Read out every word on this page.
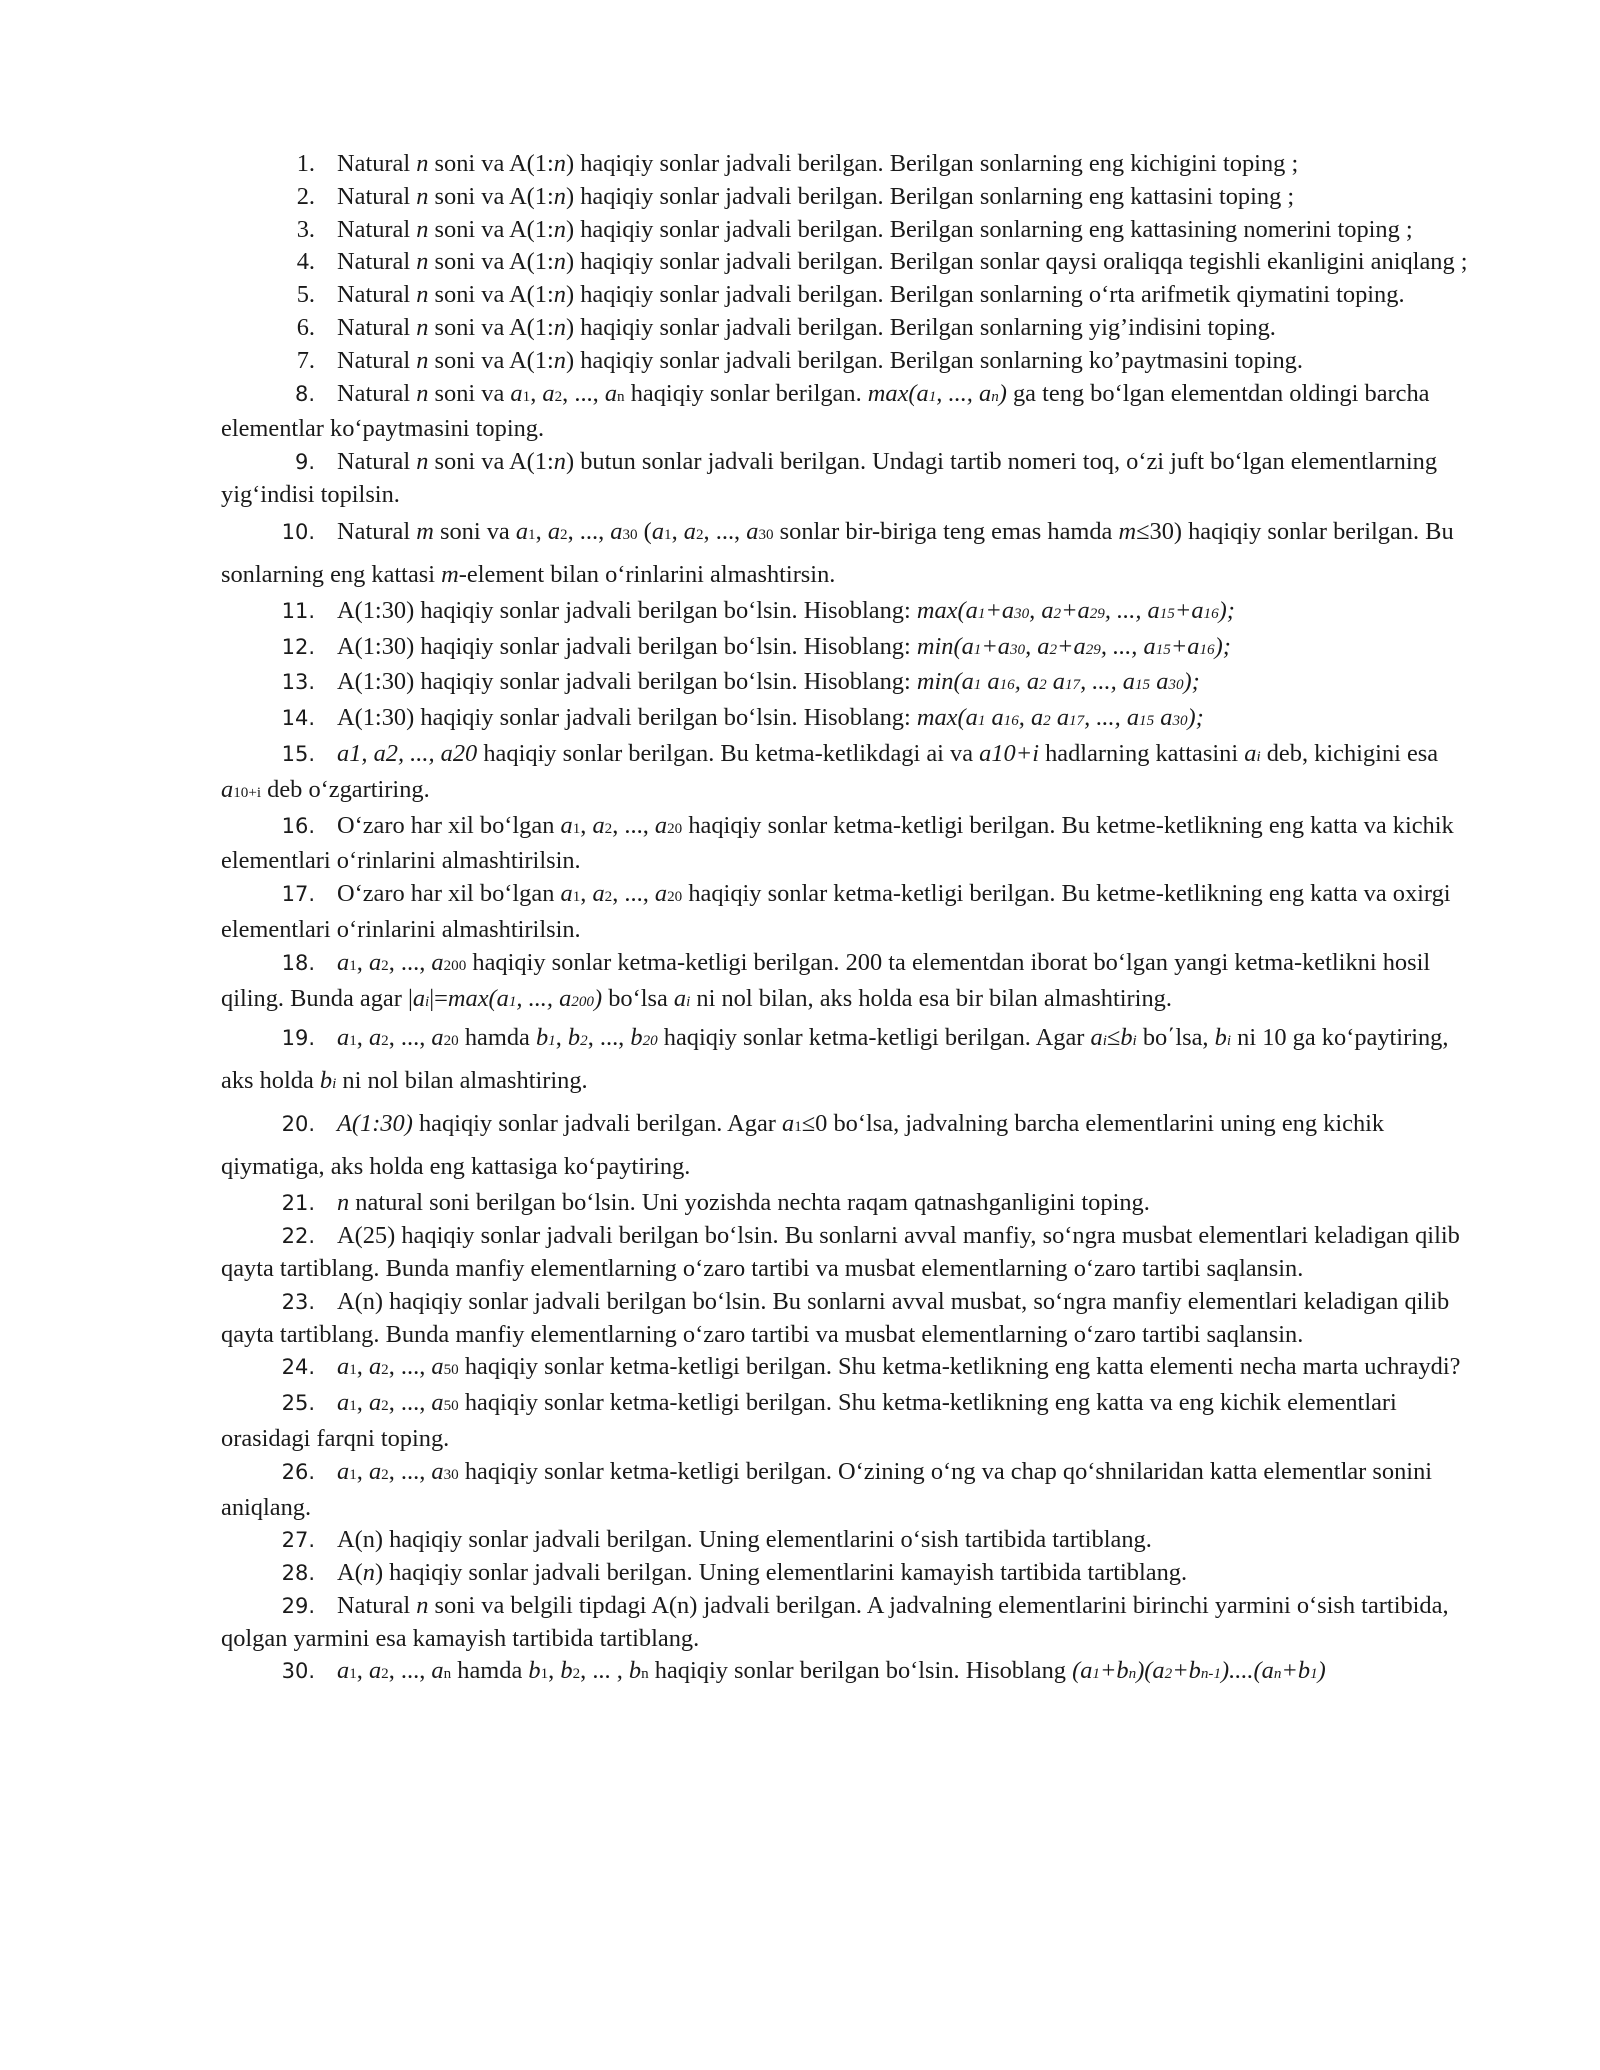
1. Natural n soni va A(1:n) haqiqiy sonlar jadvali berilgan. Berilgan sonlarning eng kichigini toping ;

2. Natural n soni va A(1:n) haqiqiy sonlar jadvali berilgan. Berilgan sonlarning eng kattasini toping ;

3. Natural n soni va A(1:n) haqiqiy sonlar jadvali berilgan. Berilgan sonlarning eng kattasining nomerini toping ;

4. Natural n soni va A(1:n) haqiqiy sonlar jadvali berilgan. Berilgan sonlar qaysi oraliqqa tegishli ekanligini aniqlang ;

5. Natural n soni va A(1:n) haqiqiy sonlar jadvali berilgan. Berilgan sonlarning o‘rta arifmetik qiymatini toping.

6. Natural n soni va A(1:n) haqiqiy sonlar jadvali berilgan. Berilgan sonlarning yig’indisini toping.

7. Natural n soni va A(1:n) haqiqiy sonlar jadvali berilgan. Berilgan sonlarning ko’paytmasini toping.

8. Natural n soni va a1, a2, ..., an haqiqiy sonlar berilgan. max(a1, ..., an) ga teng bo‘lgan elementdan oldingi barcha elementlar ko‘paytmasini toping.

9. Natural n soni va A(1:n) butun sonlar jadvali berilgan. Undagi tartib nomeri toq, o‘zi juft bo‘lgan elementlarning yig‘indisi topilsin.

10. Natural m soni va a1, a2, ..., a30 (a1, a2, ..., a30 sonlar bir-biriga teng emas hamda m≤30) haqiqiy sonlar berilgan. Bu sonlarning eng kattasi m-element bilan o‘rinlarini almashtirsin.

11. A(1:30) haqiqiy sonlar jadvali berilgan bo‘lsin. Hisoblang: max(a1+a30, a2+a29, ..., a15+a16);

12. A(1:30) haqiqiy sonlar jadvali berilgan bo‘lsin. Hisoblang: min(a1+a30, a2+a29, ..., a15+a16);

13. A(1:30) haqiqiy sonlar jadvali berilgan bo‘lsin. Hisoblang: min(a1 a16, a2 a17, ..., a15 a30);

14. A(1:30) haqiqiy sonlar jadvali berilgan bo‘lsin. Hisoblang: max(a1 a16, a2 a17, ..., a15 a30);

15. a1, a2, ..., a20 haqiqiy sonlar berilgan. Bu ketma-ketlikdagi ai va a10+i hadlarning kattasini ai deb, kichigini esa a10+i deb o‘zgartiring.

16. O‘zaro har xil bo‘lgan a1, a2, ..., a20 haqiqiy sonlar ketma-ketligi berilgan. Bu ketme-ketlikning eng katta va kichik elementlari o‘rinlarini almashtirilsin.

17. O‘zaro har xil bo‘lgan a1, a2, ..., a20 haqiqiy sonlar ketma-ketligi berilgan. Bu ketme-ketlikning eng katta va oxirgi elementlari o‘rinlarini almashtirilsin.

18. a1, a2, ..., a200 haqiqiy sonlar ketma-ketligi berilgan. 200 ta elementdan iborat bo‘lgan yangi ketma-ketlikni hosil qiling. Bunda agar |ai|=max(a1, ..., a200) bo‘lsa ai ni nol bilan, aks holda esa bir bilan almashtiring.

19. a1, a2, ..., a20 hamda b1, b2, ..., b20 haqiqiy sonlar ketma-ketligi berilgan. Agar ai≤bi bo΄lsa, bi ni 10 ga ko‘paytiring, aks holda bi ni nol bilan almashtiring.

20. A(1:30) haqiqiy sonlar jadvali berilgan. Agar a1≤0 bo‘lsa, jadvalning barcha elementlarini uning eng kichik qiymatiga, aks holda eng kattasiga ko‘paytiring.

21. n natural soni berilgan bo‘lsin. Uni yozishda nechta raqam qatnashganligini toping.

22. A(25) haqiqiy sonlar jadvali berilgan bo‘lsin. Bu sonlarni avval manfiy, so‘ngra musbat elementlari keladigan qilib qayta tartiblang. Bunda manfiy elementlarning o‘zaro tartibi va musbat elementlarning o‘zaro tartibi saqlansin.

23. A(n) haqiqiy sonlar jadvali berilgan bo‘lsin. Bu sonlarni avval musbat, so‘ngra manfiy elementlari keladigan qilib qayta tartiblang. Bunda manfiy elementlarning o‘zaro tartibi va musbat elementlarning o‘zaro tartibi saqlansin.

24. a1, a2, ..., a50 haqiqiy sonlar ketma-ketligi berilgan. Shu ketma-ketlikning eng katta elementi necha marta uchraydi?

25. a1, a2, ..., a50 haqiqiy sonlar ketma-ketligi berilgan. Shu ketma-ketlikning eng katta va eng kichik elementlari orasidagi farqni toping.

26. a1, a2, ..., a30 haqiqiy sonlar ketma-ketligi berilgan. O‘zining o‘ng va chap qo‘shnilaridan katta elementlar sonini aniqlang.

27. A(n) haqiqiy sonlar jadvali berilgan. Uning elementlarini o‘sish tartibida tartiblang.

28. A(n) haqiqiy sonlar jadvali berilgan. Uning elementlarini kamayish tartibida tartiblang.

29. Natural n soni va belgili tipdagi A(n) jadvali berilgan. A jadvalning elementlarini birinchi yarmini o‘sish tartibida, qolgan yarmini esa kamayish tartibida tartiblang.

30. a1, a2, ..., an hamda b1, b2, ... , bn haqiqiy sonlar berilgan bo‘lsin. Hisoblang (a1+bn)(a2+bn-1)....(an+b1)
